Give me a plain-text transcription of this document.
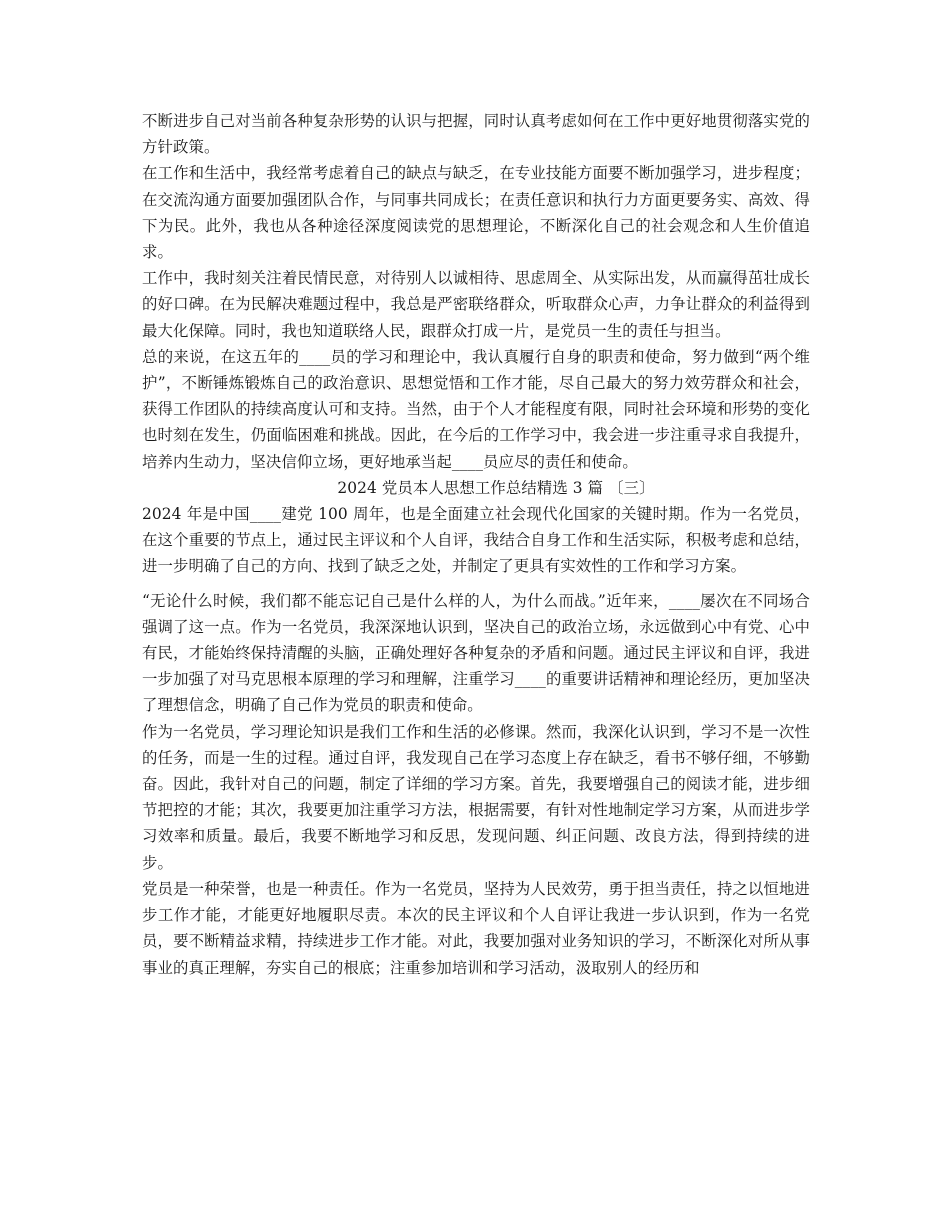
不断进步自己对当前各种复杂形势的认识与把握，同时认真考虑如何在工作中更好地贯彻落实党的方针政策。

在工作和生活中，我经常考虑着自己的缺点与缺乏，在专业技能方面要不断加强学习，进步程度；在交流沟通方面要加强团队合作，与同事共同成长；在责任意识和执行力方面更要务实、高效、得下为民。此外，我也从各种途径深度阅读党的思想理论，不断深化自己的社会观念和人生价值追求。

工作中，我时刻关注着民情民意，对待别人以诚相待、思虑周全、从实际出发，从而赢得茁壮成长的好口碑。在为民解决难题过程中，我总是严密联络群众，听取群众心声，力争让群众的利益得到最大化保障。同时，我也知道联络人民，跟群众打成一片，是党员一生的责任与担当。

总的来说，在这五年的____员的学习和理论中，我认真履行自身的职责和使命，努力做到“两个维护”，不断锤炼锻炼自己的政治意识、思想觉悟和工作才能，尽自己最大的努力效劳群众和社会，获得工作团队的持续高度认可和支持。当然，由于个人才能程度有限，同时社会环境和形势的变化也时刻在发生，仍面临困难和挑战。因此，在今后的工作学习中，我会进一步注重寻求自我提升，培养内生动力，坚决信仰立场，更好地承当起____员应尽的责任和使命。

2024 党员本人思想工作总结精选 3 篇 〔三〕

2024 年是中国____建党 100 周年，也是全面建立社会现代化国家的关键时期。作为一名党员，在这个重要的节点上，通过民主评议和个人自评，我结合自身工作和生活实际，积极考虑和总结，进一步明确了自己的方向、找到了缺乏之处，并制定了更具有实效性的工作和学习方案。

“无论什么时候，我们都不能忘记自己是什么样的人，为什么而战。”近年来，____屡次在不同场合强调了这一点。作为一名党员，我深深地认识到，坚决自己的政治立场，永远做到心中有党、心中有民，才能始终保持清醒的头脑，正确处理好各种复杂的矛盾和问题。通过民主评议和自评，我进一步加强了对马克思根本原理的学习和理解，注重学习____的重要讲话精神和理论经历，更加坚决了理想信念，明确了自己作为党员的职责和使命。

作为一名党员，学习理论知识是我们工作和生活的必修课。然而，我深化认识到，学习不是一次性的任务，而是一生的过程。通过自评，我发现自己在学习态度上存在缺乏，看书不够仔细，不够勤奋。因此，我针对自己的问题，制定了详细的学习方案。首先，我要增强自己的阅读才能，进步细节把控的才能；其次，我要更加注重学习方法，根据需要，有针对性地制定学习方案，从而进步学习效率和质量。最后，我要不断地学习和反思，发现问题、纠正问题、改良方法，得到持续的进步。

党员是一种荣誉，也是一种责任。作为一名党员，坚持为人民效劳，勇于担当责任，持之以恒地进步工作才能，才能更好地履职尽责。本次的民主评议和个人自评让我进一步认识到，作为一名党员，要不断精益求精，持续进步工作才能。对此，我要加强对业务知识的学习，不断深化对所从事事业的真正理解，夯实自己的根底；注重参加培训和学习活动，汲取别人的经历和
